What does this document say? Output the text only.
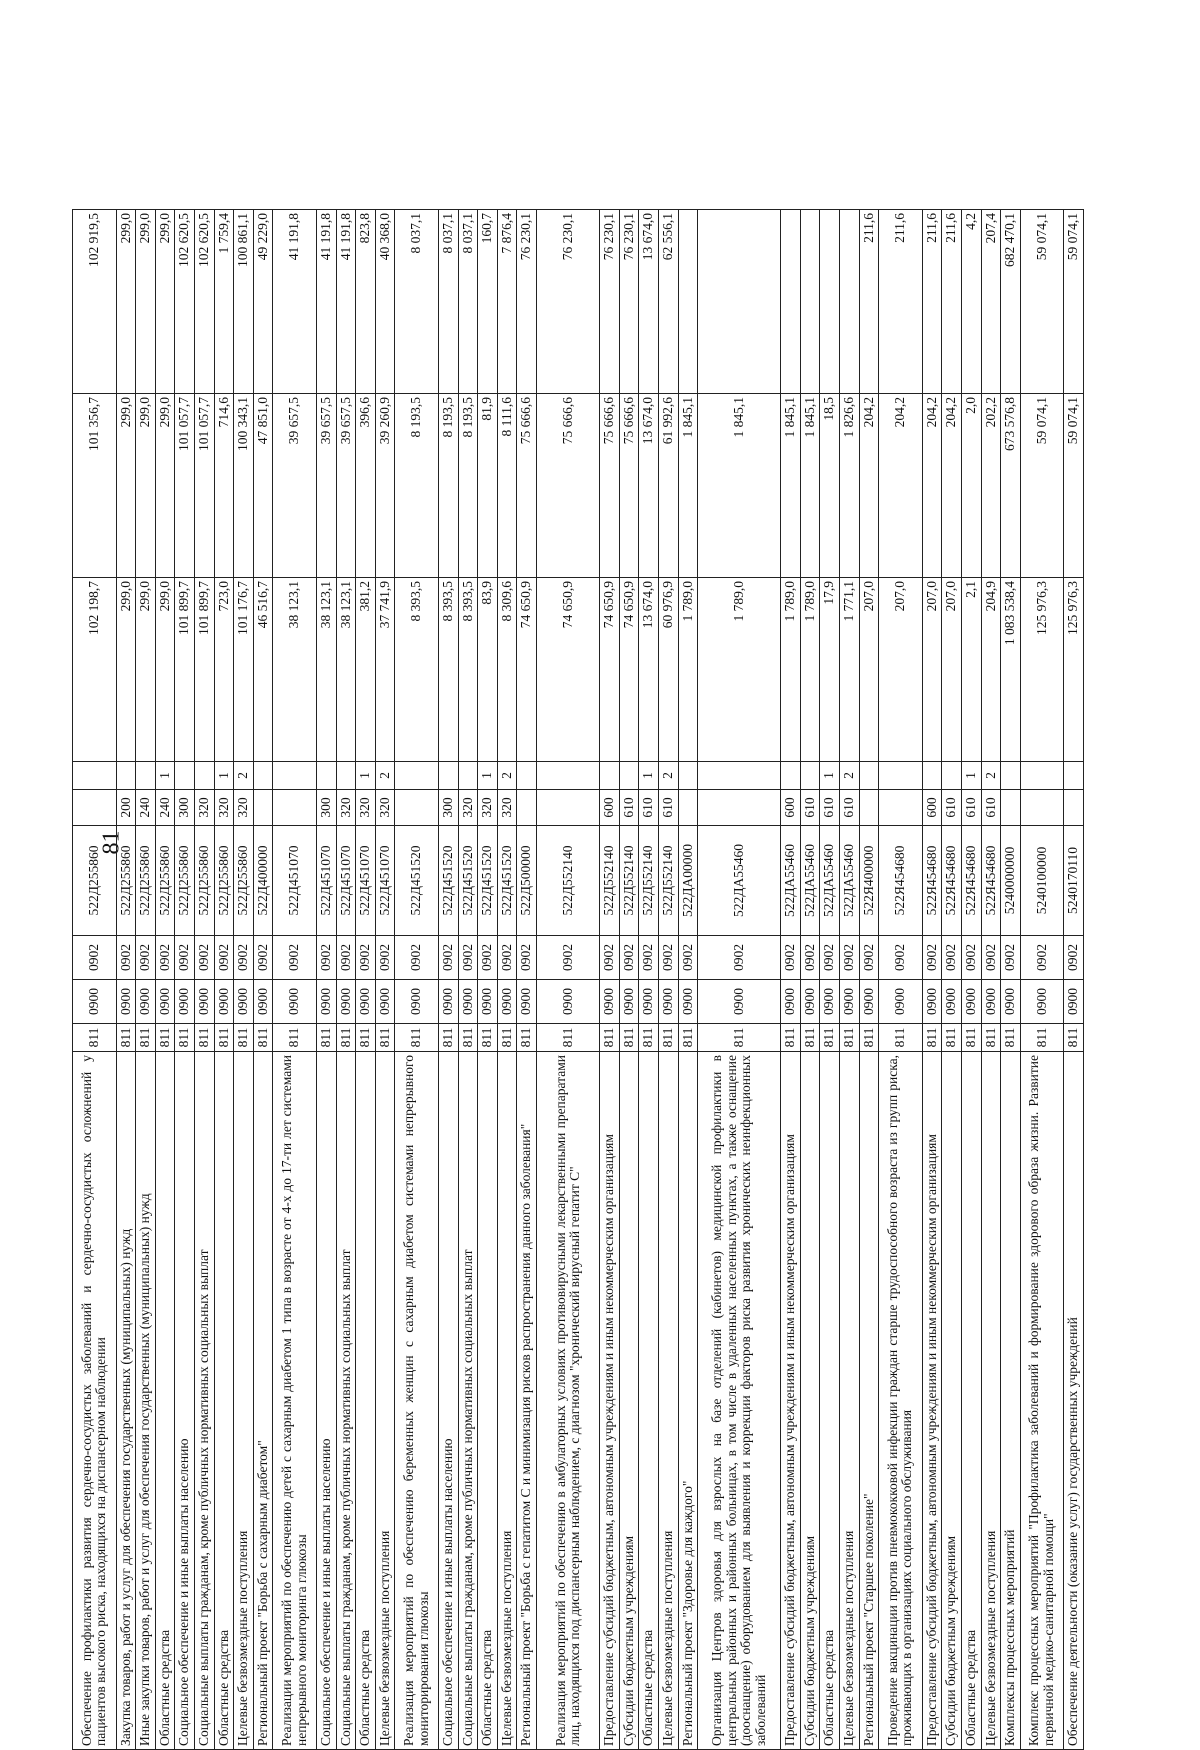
81
Обеспечение профилактики развития сердечно-сосудистых заболеваний и сердечно-сосудистых осложнений у пациентов высокого риска, находящихся на диспансерном наблюдении	811	0900	0902	522Д255860			102 198,7	101 356,7	102 919,5
Закупка товаров, работ и услуг для обеспечения государственных (муниципальных) нужд	811	0900	0902	522Д255860	200		299,0	299,0	299,0
Иные закупки товаров, работ и услуг для обеспечения государственных (муниципальных) нужд	811	0900	0902	522Д255860	240		299,0	299,0	299,0
Областные средства	811	0900	0902	522Д255860	240	1	299,0	299,0	299,0
Социальное обеспечение и иные выплаты населению	811	0900	0902	522Д255860	300		101 899,7	101 057,7	102 620,5
Социальные выплаты гражданам, кроме публичных нормативных социальных выплат	811	0900	0902	522Д255860	320		101 899,7	101 057,7	102 620,5
Областные средства	811	0900	0902	522Д255860	320	1	723,0	714,6	1 759,4
Целевые безвозмездные поступления	811	0900	0902	522Д255860	320	2	101 176,7	100 343,1	100 861,1
Региональный проект "Борьба с сахарным диабетом"	811	0900	0902	522Д400000			46 516,7	47 851,0	49 229,0
Реализации мероприятий по обеспечению детей с сахарным диабетом 1 типа в возрасте от 4-х до 17-ти лет системами непрерывного мониторинга глюкозы	811	0900	0902	522Д451070			38 123,1	39 657,5	41 191,8
Социальное обеспечение и иные выплаты населению	811	0900	0902	522Д451070	300		38 123,1	39 657,5	41 191,8
Социальные выплаты гражданам, кроме публичных нормативных социальных выплат	811	0900	0902	522Д451070	320		38 123,1	39 657,5	41 191,8
Областные средства	811	0900	0902	522Д451070	320	1	381,2	396,6	823,8
Целевые безвозмездные поступления	811	0900	0902	522Д451070	320	2	37 741,9	39 260,9	40 368,0
Реализация мероприятий по обеспечению беременных женщин с сахарным диабетом системами непрерывного мониторирования глюкозы	811	0900	0902	522Д451520			8 393,5	8 193,5	8 037,1
Социальное обеспечение и иные выплаты населению	811	0900	0902	522Д451520	300		8 393,5	8 193,5	8 037,1
Социальные выплаты гражданам, кроме публичных нормативных социальных выплат	811	0900	0902	522Д451520	320		8 393,5	8 193,5	8 037,1
Областные средства	811	0900	0902	522Д451520	320	1	83,9	81,9	160,7
Целевые безвозмездные поступления	811	0900	0902	522Д451520	320	2	8 309,6	8 111,6	7 876,4
Региональный проект "Борьба с гепатитом С и минимизация рисков распространения данного заболевания"	811	0900	0902	522Д500000			74 650,9	75 666,6	76 230,1
Реализация мероприятий по обеспечению в амбулаторных условиях противовирусными лекарственными препаратами лиц, находящихся под диспансерным наблюдением, с диагнозом "хронический вирусный гепатит С"	811	0900	0902	522Д552140			74 650,9	75 666,6	76 230,1
Предоставление субсидий бюджетным, автономным учреждениям и иным некоммерческим организациям	811	0900	0902	522Д552140	600		74 650,9	75 666,6	76 230,1
Субсидии бюджетным учреждениям	811	0900	0902	522Д552140	610		74 650,9	75 666,6	76 230,1
Областные средства	811	0900	0902	522Д552140	610	1	13 674,0	13 674,0	13 674,0
Целевые безвозмездные поступления	811	0900	0902	522Д552140	610	2	60 976,9	61 992,6	62 556,1
Региональный проект "Здоровье для каждого"	811	0900	0902	522ДА00000			1 789,0	1 845,1	
Организация Центров здоровья для взрослых на базе отделений (кабинетов) медицинской профилактики в центральных районных и районных больницах, в том числе в удаленных населенных пунктах, а также оснащение (дооснащение) оборудованием для выявления и коррекции факторов риска развития хронических неинфекционных заболеваний	811	0900	0902	522ДА55460			1 789,0	1 845,1	
Предоставление субсидий бюджетным, автономным учреждениям и иным некоммерческим организациям	811	0900	0902	522ДА55460	600		1 789,0	1 845,1	
Субсидии бюджетным учреждениям	811	0900	0902	522ДА55460	610		1 789,0	1 845,1	
Областные средства	811	0900	0902	522ДА55460	610	1	17,9	18,5	
Целевые безвозмездные поступления	811	0900	0902	522ДА55460	610	2	1 771,1	1 826,6	
Региональный проект "Старшее поколение"	811	0900	0902	522Я400000			207,0	204,2	211,6
Проведение вакцинации против пневмококковой инфекции граждан старше трудоспособного возраста из групп риска, проживающих в организациях социального обслуживания	811	0900	0902	522Я454680			207,0	204,2	211,6
Предоставление субсидий бюджетным, автономным учреждениям и иным некоммерческим организациям	811	0900	0902	522Я454680	600		207,0	204,2	211,6
Субсидии бюджетным учреждениям	811	0900	0902	522Я454680	610		207,0	204,2	211,6
Областные средства	811	0900	0902	522Я454680	610	1	2,1	2,0	4,2
Целевые безвозмездные поступления	811	0900	0902	522Я454680	610	2	204,9	202,2	207,4
Комплексы процессных мероприятий	811	0900	0902	5240000000			1 083 538,4	673 576,8	682 470,1
Комплекс процессных мероприятий "Профилактика заболеваний и формирование здорового образа жизни. Развитие первичной медико-санитарной помощи"	811	0900	0902	5240100000			125 976,3	59 074,1	59 074,1
Обеспечение деятельности (оказание услуг) государственных учреждений	811	0900	0902	5240170110			125 976,3	59 074,1	59 074,1
